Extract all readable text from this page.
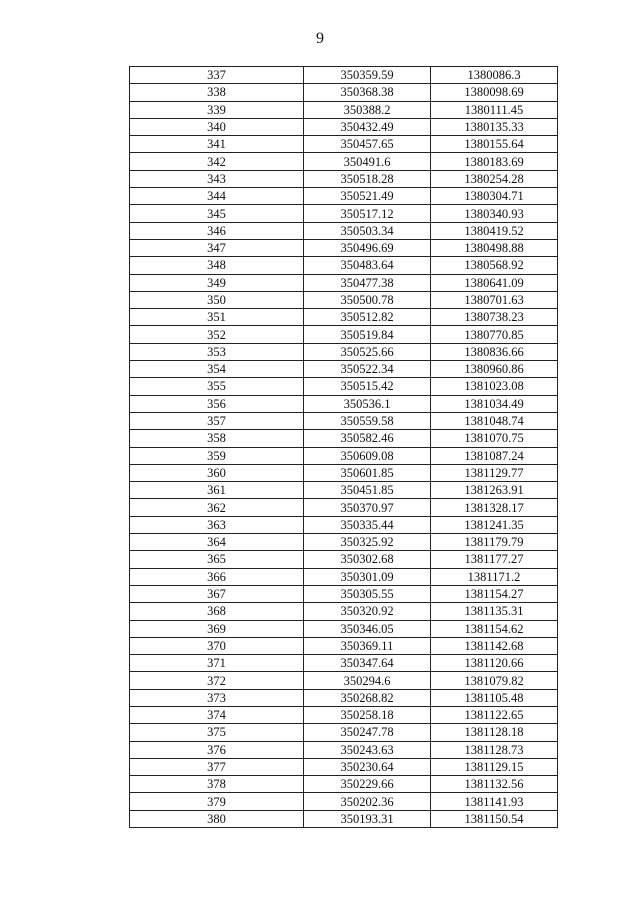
9
337	350359.59	1380086.3
338	350368.38	1380098.69
339	350388.2	1380111.45
340	350432.49	1380135.33
341	350457.65	1380155.64
342	350491.6	1380183.69
343	350518.28	1380254.28
344	350521.49	1380304.71
345	350517.12	1380340.93
346	350503.34	1380419.52
347	350496.69	1380498.88
348	350483.64	1380568.92
349	350477.38	1380641.09
350	350500.78	1380701.63
351	350512.82	1380738.23
352	350519.84	1380770.85
353	350525.66	1380836.66
354	350522.34	1380960.86
355	350515.42	1381023.08
356	350536.1	1381034.49
357	350559.58	1381048.74
358	350582.46	1381070.75
359	350609.08	1381087.24
360	350601.85	1381129.77
361	350451.85	1381263.91
362	350370.97	1381328.17
363	350335.44	1381241.35
364	350325.92	1381179.79
365	350302.68	1381177.27
366	350301.09	1381171.2
367	350305.55	1381154.27
368	350320.92	1381135.31
369	350346.05	1381154.62
370	350369.11	1381142.68
371	350347.64	1381120.66
372	350294.6	1381079.82
373	350268.82	1381105.48
374	350258.18	1381122.65
375	350247.78	1381128.18
376	350243.63	1381128.73
377	350230.64	1381129.15
378	350229.66	1381132.56
379	350202.36	1381141.93
380	350193.31	1381150.54
